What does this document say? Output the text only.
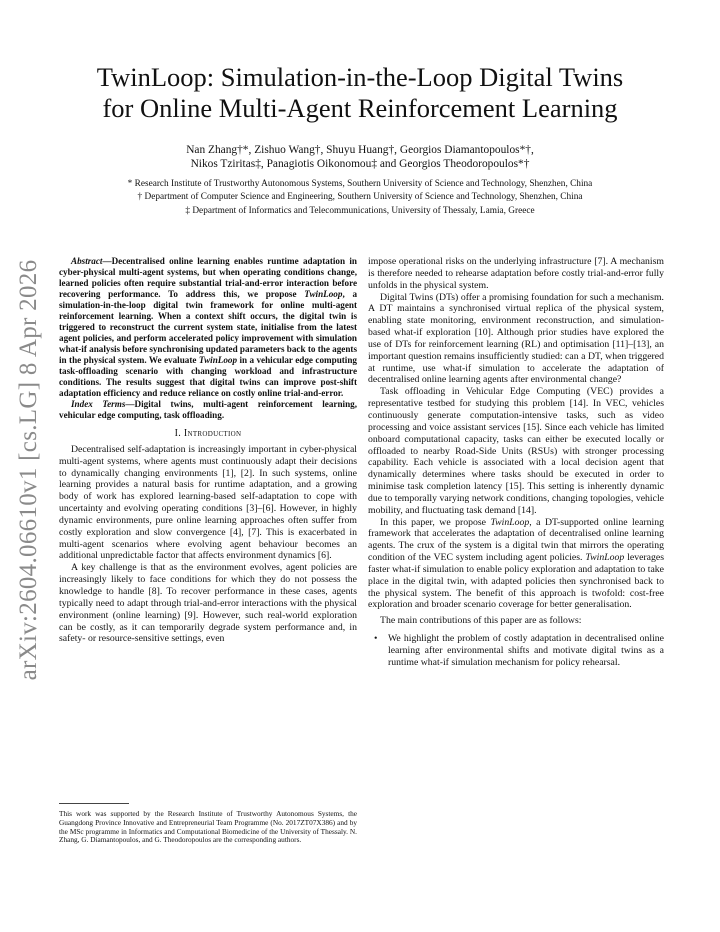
arXiv:2604.06610v1 [cs.LG] 8 Apr 2026
TwinLoop: Simulation-in-the-Loop Digital Twins
for Online Multi-Agent Reinforcement Learning
Nan Zhang†*, Zishuo Wang†, Shuyu Huang†, Georgios Diamantopoulos*†,
Nikos Tziritas‡, Panagiotis Oikonomou‡ and Georgios Theodoropoulos*†
* Research Institute of Trustworthy Autonomous Systems, Southern University of Science and Technology, Shenzhen, China
† Department of Computer Science and Engineering, Southern University of Science and Technology, Shenzhen, China
‡ Department of Informatics and Telecommunications, University of Thessaly, Lamia, Greece

Abstract—Decentralised online learning enables runtime adaptation in cyber-physical multi-agent systems, but when operating conditions change, learned policies often require substantial trial-and-error interaction before recovering performance. To address this, we propose TwinLoop, a simulation-in-the-loop digital twin framework for online multi-agent reinforcement learning. When a context shift occurs, the digital twin is triggered to reconstruct the current system state, initialise from the latest agent policies, and perform accelerated policy improvement with simulation what-if analysis before synchronising updated parameters back to the agents in the physical system. We evaluate TwinLoop in a vehicular edge computing task-offloading scenario with changing workload and infrastructure conditions. The results suggest that digital twins can improve post-shift adaptation efficiency and reduce reliance on costly online trial-and-error.

Index Terms—Digital twins, multi-agent reinforcement learning, vehicular edge computing, task offloading.

I. Introduction

Decentralised self-adaptation is increasingly important in cyber-physical multi-agent systems, where agents must continuously adapt their decisions to dynamically changing environments [1], [2]. In such systems, online learning provides a natural basis for runtime adaptation, and a growing body of work has explored learning-based self-adaptation to cope with uncertainty and evolving operating conditions [3]–[6]. However, in highly dynamic environments, pure online learning approaches often suffer from costly exploration and slow convergence [4], [7]. This is exacerbated in multi-agent scenarios where evolving agent behaviour becomes an additional unpredictable factor that affects environment dynamics [6].

A key challenge is that as the environment evolves, agent policies are increasingly likely to face conditions for which they do not possess the knowledge to handle [8]. To recover performance in these cases, agents typically need to adapt through trial-and-error interactions with the physical environment (online learning) [9]. However, such real-world exploration can be costly, as it can temporarily degrade system performance and, in safety- or resource-sensitive settings, even

This work was supported by the Research Institute of Trustworthy Autonomous Systems, the Guangdong Province Innovative and Entrepreneurial Team Programme (No. 2017ZT07X386) and by the MSc programme in Informatics and Computational Biomedicine of the University of Thessaly. N. Zhang, G. Diamantopoulos, and G. Theodoropoulos are the corresponding authors.

impose operational risks on the underlying infrastructure [7]. A mechanism is therefore needed to rehearse adaptation before costly trial-and-error fully unfolds in the physical system.

Digital Twins (DTs) offer a promising foundation for such a mechanism. A DT maintains a synchronised virtual replica of the physical system, enabling state monitoring, environment reconstruction, and simulation-based what-if exploration [10]. Although prior studies have explored the use of DTs for reinforcement learning (RL) and optimisation [11]–[13], an important question remains insufficiently studied: can a DT, when triggered at runtime, use what-if simulation to accelerate the adaptation of decentralised online learning agents after environmental change?

Task offloading in Vehicular Edge Computing (VEC) provides a representative testbed for studying this problem [14]. In VEC, vehicles continuously generate computation-intensive tasks, such as video processing and voice assistant services [15]. Since each vehicle has limited onboard computational capacity, tasks can either be executed locally or offloaded to nearby Road-Side Units (RSUs) with stronger processing capability. Each vehicle is associated with a local decision agent that dynamically determines where tasks should be executed in order to minimise task completion latency [15]. This setting is inherently dynamic due to temporally varying network conditions, changing topologies, vehicle mobility, and fluctuating task demand [14].

In this paper, we propose TwinLoop, a DT-supported online learning framework that accelerates the adaptation of decentralised online learning agents. The crux of the system is a digital twin that mirrors the operating condition of the VEC system including agent policies. TwinLoop leverages faster what-if simulation to enable policy exploration and adaptation to take place in the digital twin, with adapted policies then synchronised back to the physical system. The benefit of this approach is twofold: cost-free exploration and broader scenario coverage for better generalisation.

The main contributions of this paper are as follows:

• We highlight the problem of costly adaptation in decentralised online learning after environmental shifts and motivate digital twins as a runtime what-if simulation mechanism for policy rehearsal.
